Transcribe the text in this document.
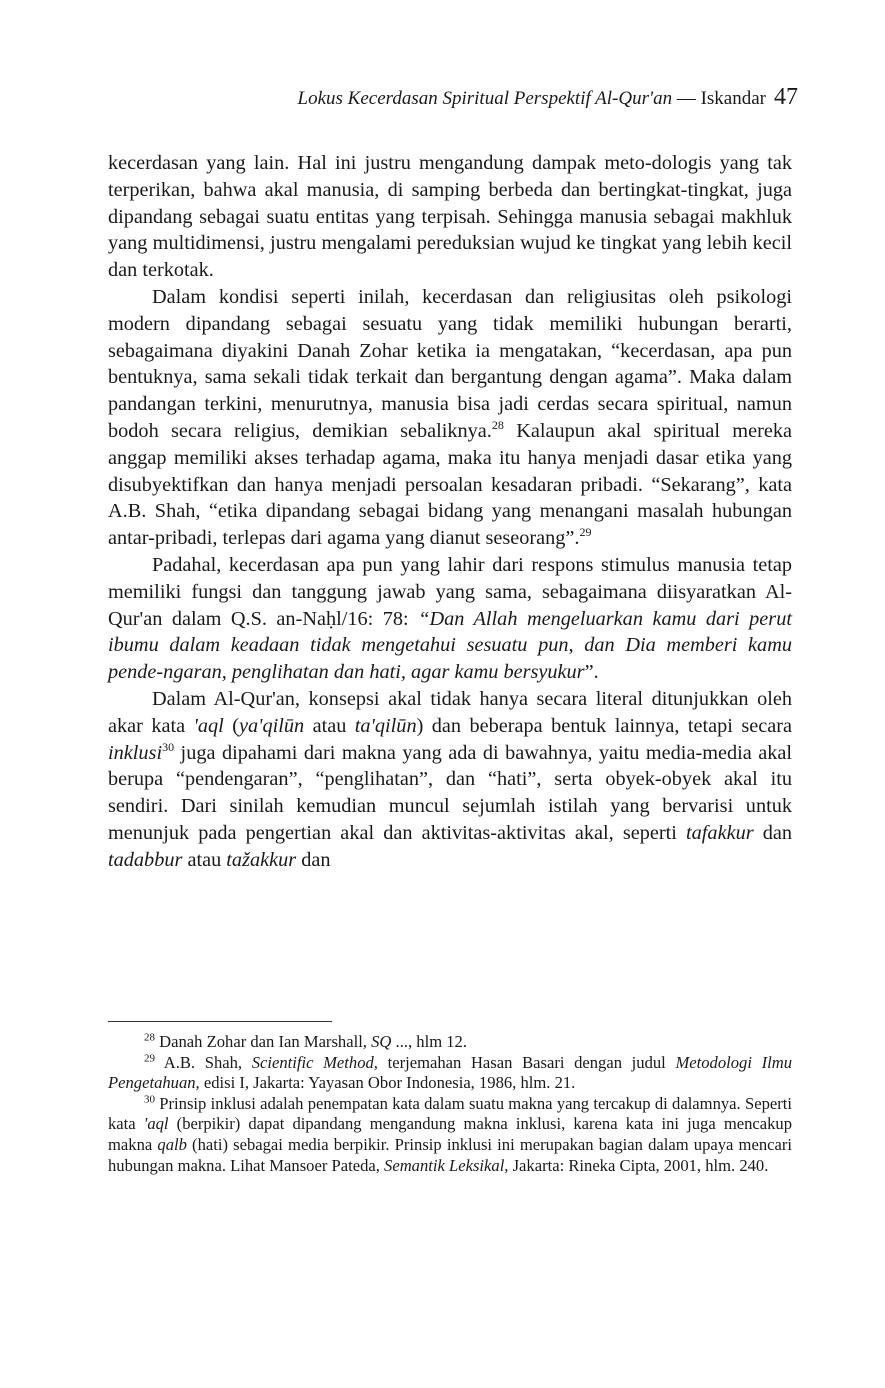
Lokus Kecerdasan Spiritual Perspektif Al-Qur'an — Iskandar 47

kecerdasan yang lain. Hal ini justru mengandung dampak meto-dologis yang tak terperikan, bahwa akal manusia, di samping berbeda dan bertingkat-tingkat, juga dipandang sebagai suatu entitas yang terpisah. Sehingga manusia sebagai makhluk yang multidimensi, justru mengalami pereduksian wujud ke tingkat yang lebih kecil dan terkotak.

Dalam kondisi seperti inilah, kecerdasan dan religiusitas oleh psikologi modern dipandang sebagai sesuatu yang tidak memiliki hubungan berarti, sebagaimana diyakini Danah Zohar ketika ia mengatakan, “kecerdasan, apa pun bentuknya, sama sekali tidak terkait dan bergantung dengan agama”. Maka dalam pandangan terkini, menurutnya, manusia bisa jadi cerdas secara spiritual, namun bodoh secara religius, demikian sebaliknya.$^{28}$ Kalaupun akal spiritual mereka anggap memiliki akses terhadap agama, maka itu hanya menjadi dasar etika yang disubyektifkan dan hanya menjadi persoalan kesadaran pribadi. “Sekarang”, kata A.B. Shah, “etika dipandang sebagai bidang yang menangani masalah hubungan antar-pribadi, terlepas dari agama yang dianut seseorang”.$^{29}$

Padahal, kecerdasan apa pun yang lahir dari respons stimulus manusia tetap memiliki fungsi dan tanggung jawab yang sama, sebagaimana diisyaratkan Al-Qur'an dalam Q.S. an-Naḥl/16: 78: “Dan Allah mengeluarkan kamu dari perut ibumu dalam keadaan tidak mengetahui sesuatu pun, dan Dia memberi kamu pende-ngaran, penglihatan dan hati, agar kamu bersyukur”.

Dalam Al-Qur'an, konsepsi akal tidak hanya secara literal ditunjukkan oleh akar kata 'aql (ya'qilūn atau ta'qilūn) dan beberapa bentuk lainnya, tetapi secara inklusi$^{30}$ juga dipahami dari makna yang ada di bawahnya, yaitu media-media akal berupa “pendengaran”, “penglihatan”, dan “hati”, serta obyek-obyek akal itu sendiri. Dari sinilah kemudian muncul sejumlah istilah yang bervarisi untuk menunjuk pada pengertian akal dan aktivitas-aktivitas akal, seperti tafakkur dan tadabbur atau tažakkur dan

$^{28}$ Danah Zohar dan Ian Marshall, SQ ..., hlm 12.

$^{29}$ A.B. Shah, Scientific Method, terjemahan Hasan Basari dengan judul Metodologi Ilmu Pengetahuan, edisi I, Jakarta: Yayasan Obor Indonesia, 1986, hlm. 21.

$^{30}$ Prinsip inklusi adalah penempatan kata dalam suatu makna yang tercakup di dalamnya. Seperti kata 'aql (berpikir) dapat dipandang mengandung makna inklusi, karena kata ini juga mencakup makna qalb (hati) sebagai media berpikir. Prinsip inklusi ini merupakan bagian dalam upaya mencari hubungan makna. Lihat Mansoer Pateda, Semantik Leksikal, Jakarta: Rineka Cipta, 2001, hlm. 240.
